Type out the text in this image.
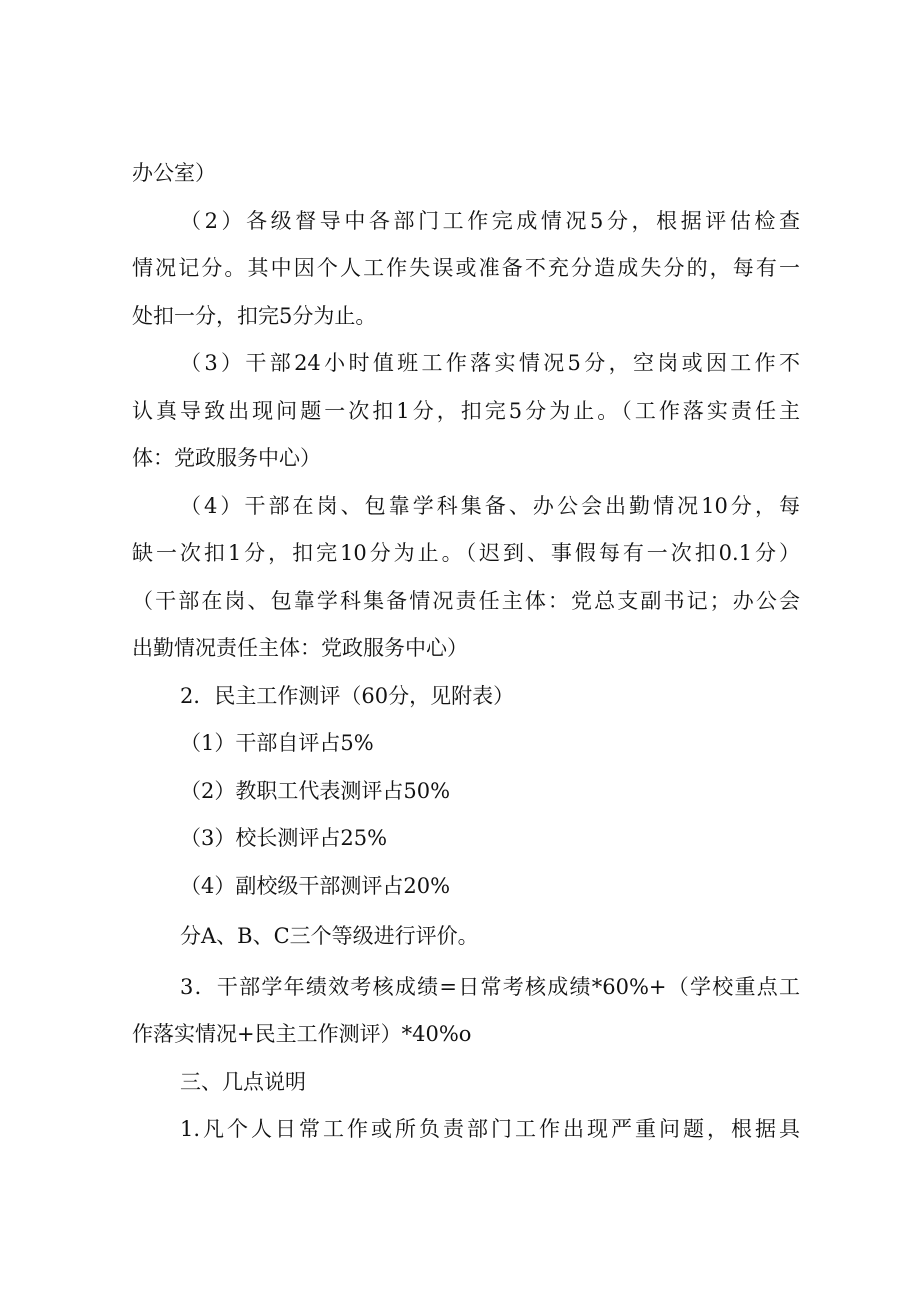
办公室）
（2）各级督导中各部门工作完成情况5分，根据评估检查
情况记分。其中因个人工作失误或准备不充分造成失分的，每有一
处扣一分，扣完5分为止。
（3）干部24小时值班工作落实情况5分，空岗或因工作不
认真导致出现问题一次扣1分，扣完5分为止。（工作落实责任主
体：党政服务中心）
（4）干部在岗、包靠学科集备、办公会出勤情况10分，每
缺一次扣1分，扣完10分为止。（迟到、事假每有一次扣0.1分）
（干部在岗、包靠学科集备情况责任主体：党总支副书记；办公会
出勤情况责任主体：党政服务中心）
2．民主工作测评（60分，见附表）
（1）干部自评占5%
（2）教职工代表测评占50%
（3）校长测评占25%
（4）副校级干部测评占20%
分A、B、C三个等级进行评价。
3．干部学年绩效考核成绩=日常考核成绩*60%+（学校重点工
作落实情况+民主工作测评）*40%o
三、几点说明
1.凡个人日常工作或所负责部门工作出现严重问题，根据具
